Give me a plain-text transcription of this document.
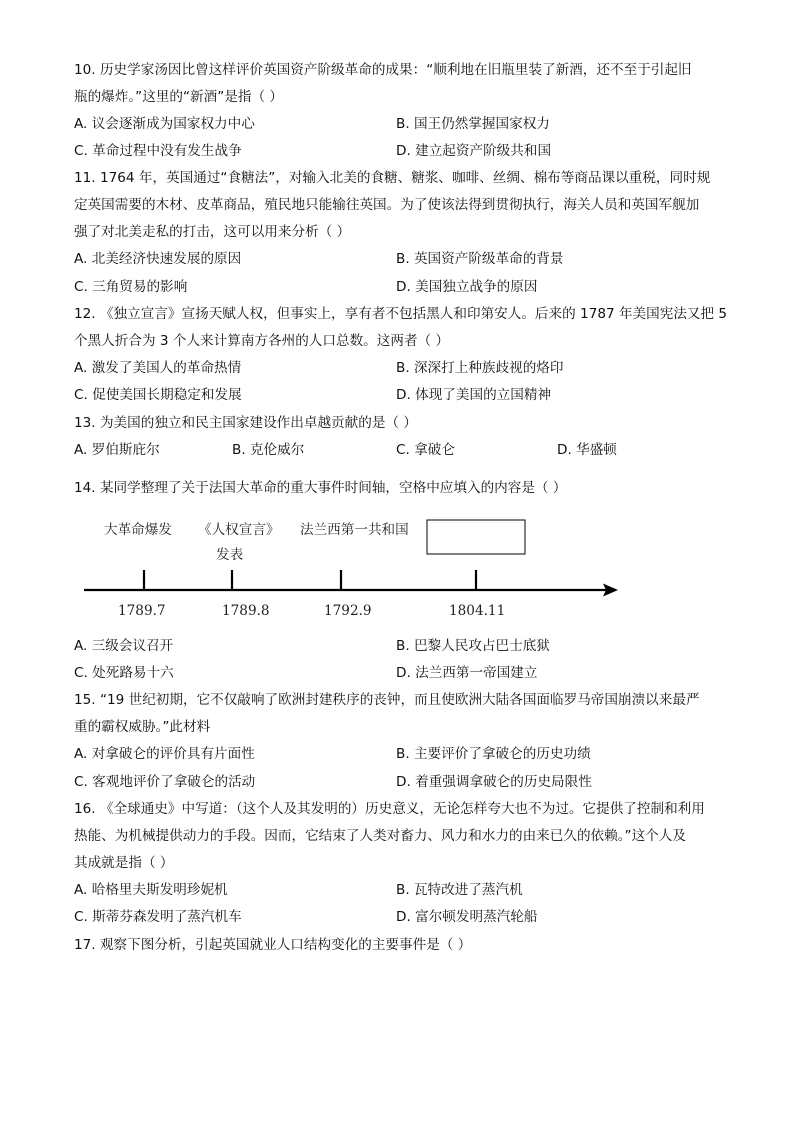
10. 历史学家汤因比曾这样评价英国资产阶级革命的成果：“顺利地在旧瓶里装了新酒，还不至于引起旧
瓶的爆炸。”这里的“新酒”是指（ ）
A. 议会逐渐成为国家权力中心	B. 国王仍然掌握国家权力
C. 革命过程中没有发生战争	D. 建立起资产阶级共和国
11. 1764 年，英国通过“食糖法”，对输入北美的食糖、糖浆、咖啡、丝绸、棉布等商品课以重税，同时规
定英国需要的木材、皮革商品，殖民地只能输往英国。为了使该法得到贯彻执行，海关人员和英国军舰加
强了对北美走私的打击，这可以用来分析（ ）
A. 北美经济快速发展的原因	B. 英国资产阶级革命的背景
C. 三角贸易的影响	D. 美国独立战争的原因
12. 《独立宣言》宣扬天赋人权，但事实上，享有者不包括黑人和印第安人。后来的 1787 年美国宪法又把 5
个黑人折合为 3 个人来计算南方各州的人口总数。这两者（ ）
A. 激发了美国人的革命热情	B. 深深打上种族歧视的烙印
C. 促使美国长期稳定和发展	D. 体现了美国的立国精神
13. 为美国的独立和民主国家建设作出卓越贡献的是（ ）
A. 罗伯斯庇尔	B. 克伦威尔	C. 拿破仑	D. 华盛顿
14. 某同学整理了关于法国大革命的重大事件时间轴，空格中应填入的内容是（ ）
大革命爆发 《人权宣言》
发表
法兰西第一共和国
1789.7	1789.8	1792.9	1804.11
A. 三级会议召开	B. 巴黎人民攻占巴士底狱
C. 处死路易十六	D. 法兰西第一帝国建立
15. “19 世纪初期，它不仅敲响了欧洲封建秩序的丧钟，而且使欧洲大陆各国面临罗马帝国崩溃以来最严
重的霸权威胁。”此材料
A. 对拿破仑的评价具有片面性	B. 主要评价了拿破仑的历史功绩
C. 客观地评价了拿破仑的活动	D. 着重强调拿破仑的历史局限性
16. 《全球通史》中写道：（这个人及其发明的）历史意义，无论怎样夸大也不为过。它提供了控制和利用
热能、为机械提供动力的手段。因而，它结束了人类对畜力、风力和水力的由来已久的依赖。”这个人及
其成就是指（ ）
A. 哈格里夫斯发明珍妮机	B. 瓦特改进了蒸汽机
C. 斯蒂芬森发明了蒸汽机车	D. 富尔顿发明蒸汽轮船
17. 观察下图分析，引起英国就业人口结构变化的主要事件是（ ）
